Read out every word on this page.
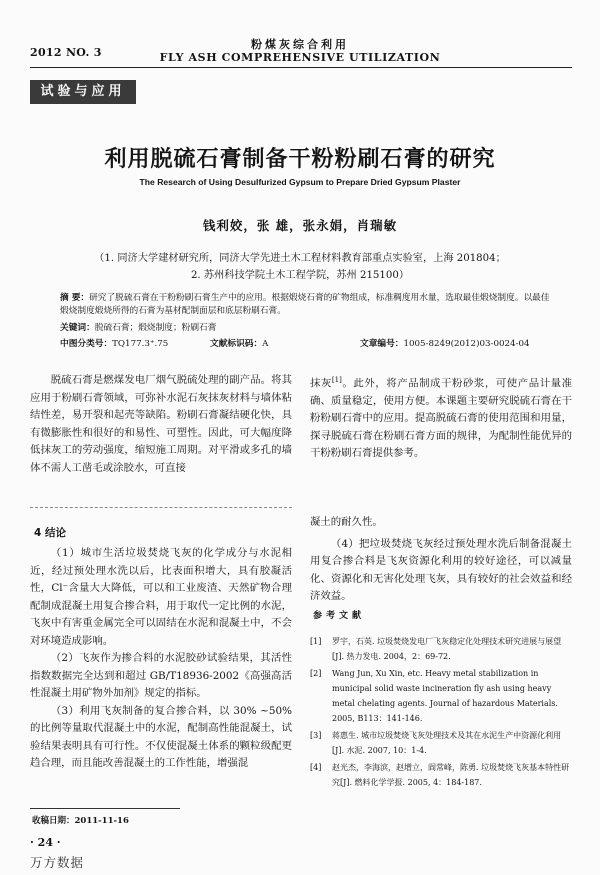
粉煤灰综合利用
FLY ASH COMPREHENSIVE UTILIZATION
2012 NO. 3
试验与应用
利用脱硫石膏制备干粉粉刷石膏的研究
The Research of Using Desulfurized Gypsum to Prepare Dried Gypsum Plaster
钱利姣，张 雄，张永娟，肖瑞敏
（1. 同济大学建材研究所，同济大学先进土木工程材料教育部重点实验室，上海 201804；
2. 苏州科技学院土木工程学院，苏州 215100）
摘 要：研究了脱硫石膏在干粉粉刷石膏生产中的应用。根据煅烧石膏的矿物组成，标准稠度用水量，选取最佳煅烧制度。以最佳煅烧制度煅烧所得的石膏为基材配制面层和底层粉刷石膏。
关键词：脱硫石膏；煅烧制度；粉刷石膏
中图分类号：TQ177.3⁺.75	文献标识码：A	文章编号：1005-8249(2012)03-0024-04

脱硫石膏是燃煤发电厂烟气脱硫处理的副产品。将其应用于粉刷石膏领域，可弥补水泥石灰抹灰材料与墙体粘结性差，易开裂和起壳等缺陷。粉刷石膏凝结硬化快，具有微膨胀性和很好的和易性、可塑性。因此，可大幅度降低抹灰工的劳动强度，缩短施工周期。对平滑或多孔的墙体不需人工凿毛或涂胶水，可直接

抹灰[1]。此外，将产品制成干粉砂浆，可使产品计量准确、质量稳定，使用方便。本课题主要研究脱硫石膏在干粉粉刷石膏中的应用。提高脱硫石膏的使用范围和用量，探寻脱硫石膏在粉刷石膏方面的规律，为配制性能优异的干粉粉刷石膏提供参考。

4 结论

（1）城市生活垃圾焚烧飞灰的化学成分与水泥相近，经过预处理水洗以后，比表面积增大，具有胶凝活性，Cl⁻含量大大降低，可以和工业废渣、天然矿物合理配制成混凝土用复合掺合料，用于取代一定比例的水泥，飞灰中有害重金属完全可以固结在水泥和混凝土中，不会对环境造成影响。

（2）飞灰作为掺合料的水泥胶砂试验结果，其活性指数数据完全达到和超过 GB/T18936-2002《高强高活性混凝土用矿物外加剂》规定的指标。

（3）利用飞灰制备的复合掺合料，以 30% ~50% 的比例等量取代混凝土中的水泥，配制高性能混凝土，试验结果表明具有可行性。不仅使混凝土体系的颗粒级配更趋合理，而且能改善混凝土的工作性能，增强混

凝土的耐久性。

（4）把垃圾焚烧飞灰经过预处理水洗后制备混凝土用复合掺合料是飞灰资源化利用的较好途径，可以减量化、资源化和无害化处理飞灰，具有较好的社会效益和经济效益。

参考文献
[1]	罗宇，石英. 垃圾焚烧发电厂飞灰稳定化处理技术研究进展与展望[J]. 热力发电. 2004，2：69-72.
[2]	Wang Jun, Xu Xin, etc. Heavy metal stabilization in municipal solid waste incineration fly ash using heavy metal chelating agents. Journal of hazardous Materials. 2005, B113：141-146.
[3]	蒋惠生. 城市垃圾焚烧飞灰处理技术及其在水泥生产中资源化利用[J]. 水泥. 2007, 10：1-4.
[4]	赵光杰，李海滨，赵增立，阎常峰，陈勇. 垃圾焚烧飞灰基本特性研究[J]. 燃料化学学报. 2005, 4：184-187.
收稿日期：2011-11-16
· 24 ·
万方数据
